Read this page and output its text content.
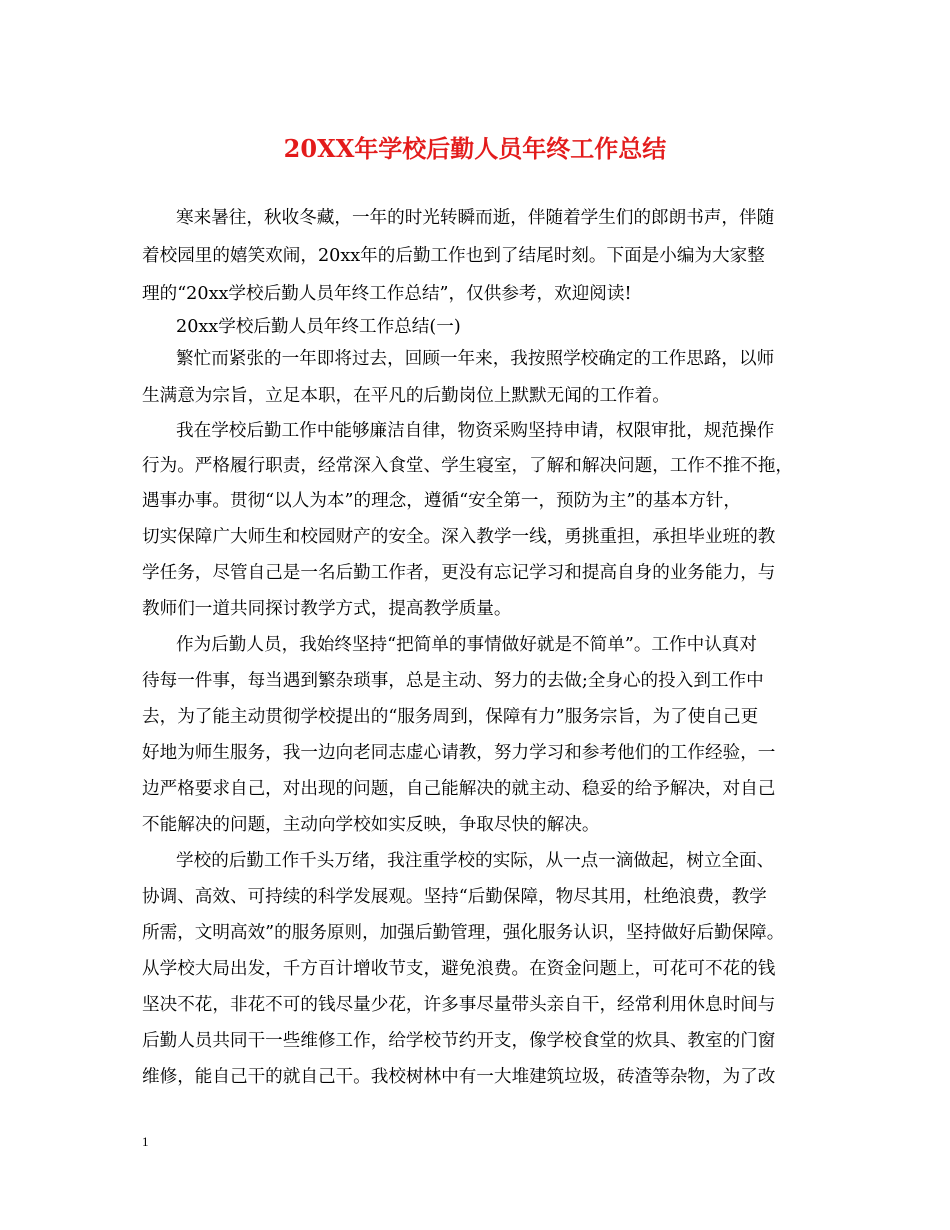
20XX年学校后勤人员年终工作总结
寒来暑往，秋收冬藏，一年的时光转瞬而逝，伴随着学生们的郎朗书声，伴随
着校园里的嬉笑欢闹，20xx年的后勤工作也到了结尾时刻。下面是小编为大家整
理的“20xx学校后勤人员年终工作总结”，仅供参考，欢迎阅读!
20xx学校后勤人员年终工作总结(一)
繁忙而紧张的一年即将过去，回顾一年来，我按照学校确定的工作思路，以师
生满意为宗旨，立足本职，在平凡的后勤岗位上默默无闻的工作着。
我在学校后勤工作中能够廉洁自律，物资采购坚持申请，权限审批，规范操作
行为。严格履行职责，经常深入食堂、学生寝室，了解和解决问题，工作不推不拖，
遇事办事。贯彻“以人为本”的理念，遵循“安全第一，预防为主”的基本方针，
切实保障广大师生和校园财产的安全。深入教学一线，勇挑重担，承担毕业班的教
学任务，尽管自己是一名后勤工作者，更没有忘记学习和提高自身的业务能力，与
教师们一道共同探讨教学方式，提高教学质量。
作为后勤人员，我始终坚持“把简单的事情做好就是不简单”。工作中认真对
待每一件事，每当遇到繁杂琐事，总是主动、努力的去做;全身心的投入到工作中
去，为了能主动贯彻学校提出的“服务周到，保障有力”服务宗旨，为了使自己更
好地为师生服务，我一边向老同志虚心请教，努力学习和参考他们的工作经验，一
边严格要求自己，对出现的问题，自己能解决的就主动、稳妥的给予解决，对自己
不能解决的问题，主动向学校如实反映，争取尽快的解决。
学校的后勤工作千头万绪，我注重学校的实际，从一点一滴做起，树立全面、
协调、高效、可持续的科学发展观。坚持“后勤保障，物尽其用，杜绝浪费，教学
所需，文明高效”的服务原则，加强后勤管理，强化服务认识，坚持做好后勤保障。
从学校大局出发，千方百计增收节支，避免浪费。在资金问题上，可花可不花的钱
坚决不花，非花不可的钱尽量少花，许多事尽量带头亲自干，经常利用休息时间与
后勤人员共同干一些维修工作，给学校节约开支，像学校食堂的炊具、教室的门窗
维修，能自己干的就自己干。我校树林中有一大堆建筑垃圾，砖渣等杂物，为了改
1
